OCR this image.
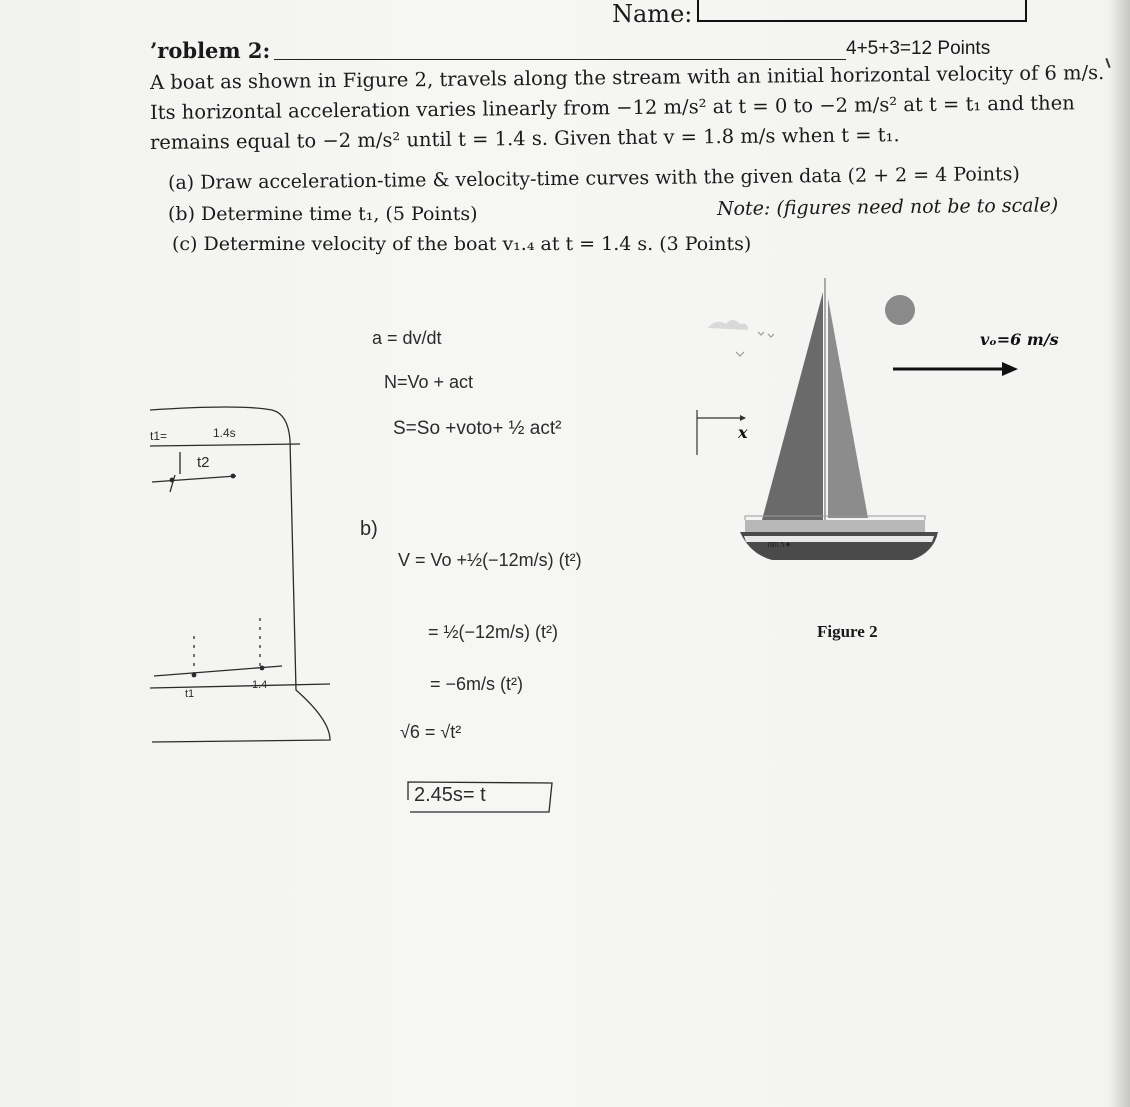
Name:
’roblem 2:	4+5+3=12 Points
A boat as shown in Figure 2, travels along the stream with an initial horizontal velocity of 6 m/s.
Its horizontal acceleration varies linearly from −12 m/s² at t = 0 to −2 m/s² at t = t₁ and then
remains equal to −2 m/s² until t = 1.4 s. Given that v = 1.8 m/s when t = t₁.
(a) Draw acceleration-time & velocity-time curves with the given data (2 + 2 = 4 Points)
(b) Determine time t₁, (5 Points)	Note: (figures need not be to scale)
(c) Determine velocity of the boat v₁.₄ at t = 1.4 s. (3 Points)
x
vₒ=6 m/s
ᗰᗰ 5♦
Figure 2
a = dv/dt
N=Vo + act
S=So +voto+ ½ act²
b)
V = Vo +½(−12m/s) (t²)
= ½(−12m/s) (t²)
= −6m/s (t²)
√6 = √t²
2.45s= t
t1=	1.4s
t2
t1
1.4
